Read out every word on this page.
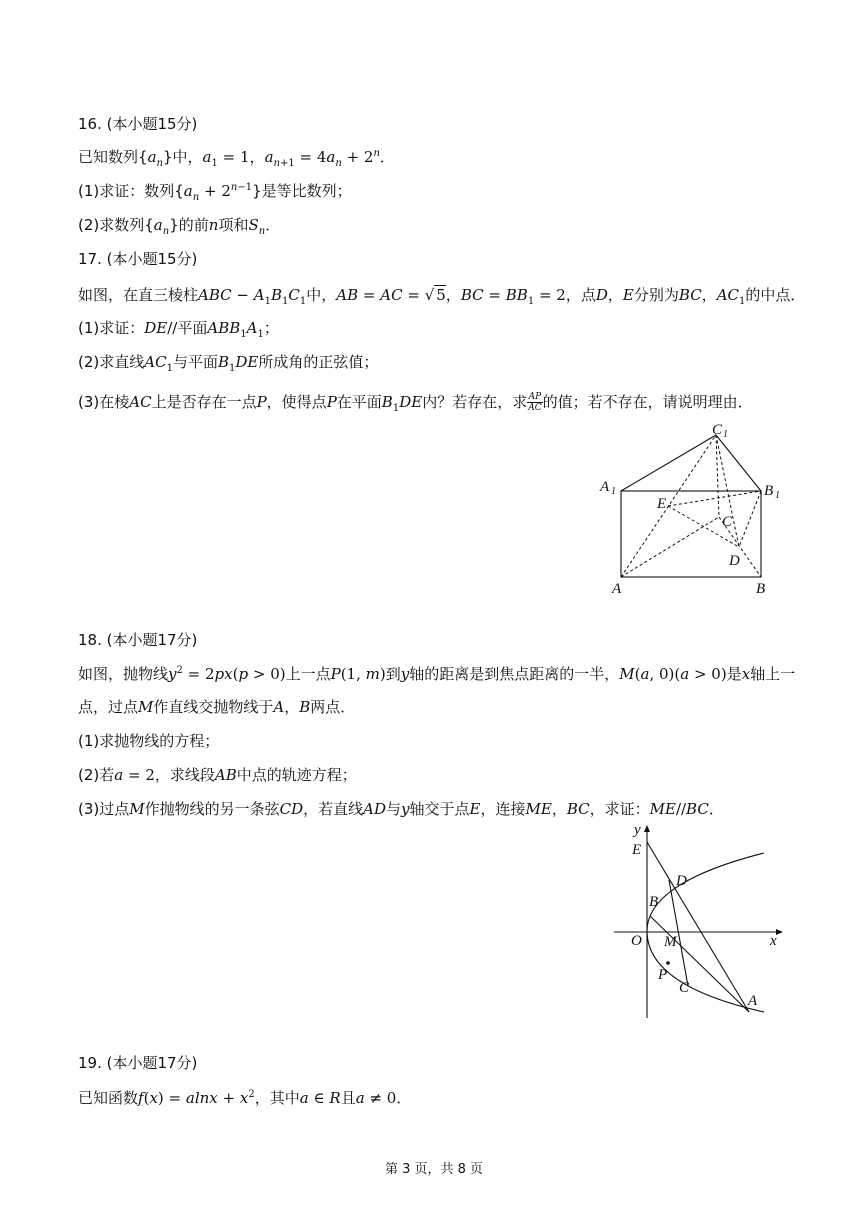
16. (本小题15分)
已知数列$\{a_n\}$中，$a_1 = 1$，$a_{n+1} = 4a_n + 2^n$．
(1)求证：数列$\{a_n + 2^{n-1}\}$是等比数列；
(2)求数列$\{a_n\}$的前n项和$S_n$．
17. (本小题15分)
如图，在直三棱柱ABC − $A_1B_1C_1$中，AB = AC = √ 5，BC = $BB_1 = 2$，点D，E分别为BC，$AC_1$的中点．
(1)求证：DE//平面$ABB_1A_1$；
(2)求直线$AC_1$与平面$B_1DE$所成角的正弦值；
(3)在棱AC上是否存在一点P，使得点P在平面$B_1DE$内？若存在，求 $\frac{AP}{AC}$ 的值；若不存在，请说明理由．
C 1
A 1	B 1
E
C
D
A	B
18. (本小题17分)
如图，抛物线$y^2 = 2px(p > 0)$上一点P(1, m)到y轴的距离是到焦点距离的一半，M(a, 0)(a > 0)是x轴上一
点，过点M作直线交抛物线于A，B两点．
(1)求抛物线的方程；
(2)若a = 2，求线段AB中点的轨迹方程；
(3)过点M作抛物线的另一条弦CD，若直线AD与y轴交于点E，连接ME，BC，求证：ME//BC．
y
E
D
B
O M	x
P
C
A
19. (本小题17分)
已知函数$f(x) = alnx + x^2$，其中a ∈ R且a ≠ 0．
第 3 页，共 8 页
